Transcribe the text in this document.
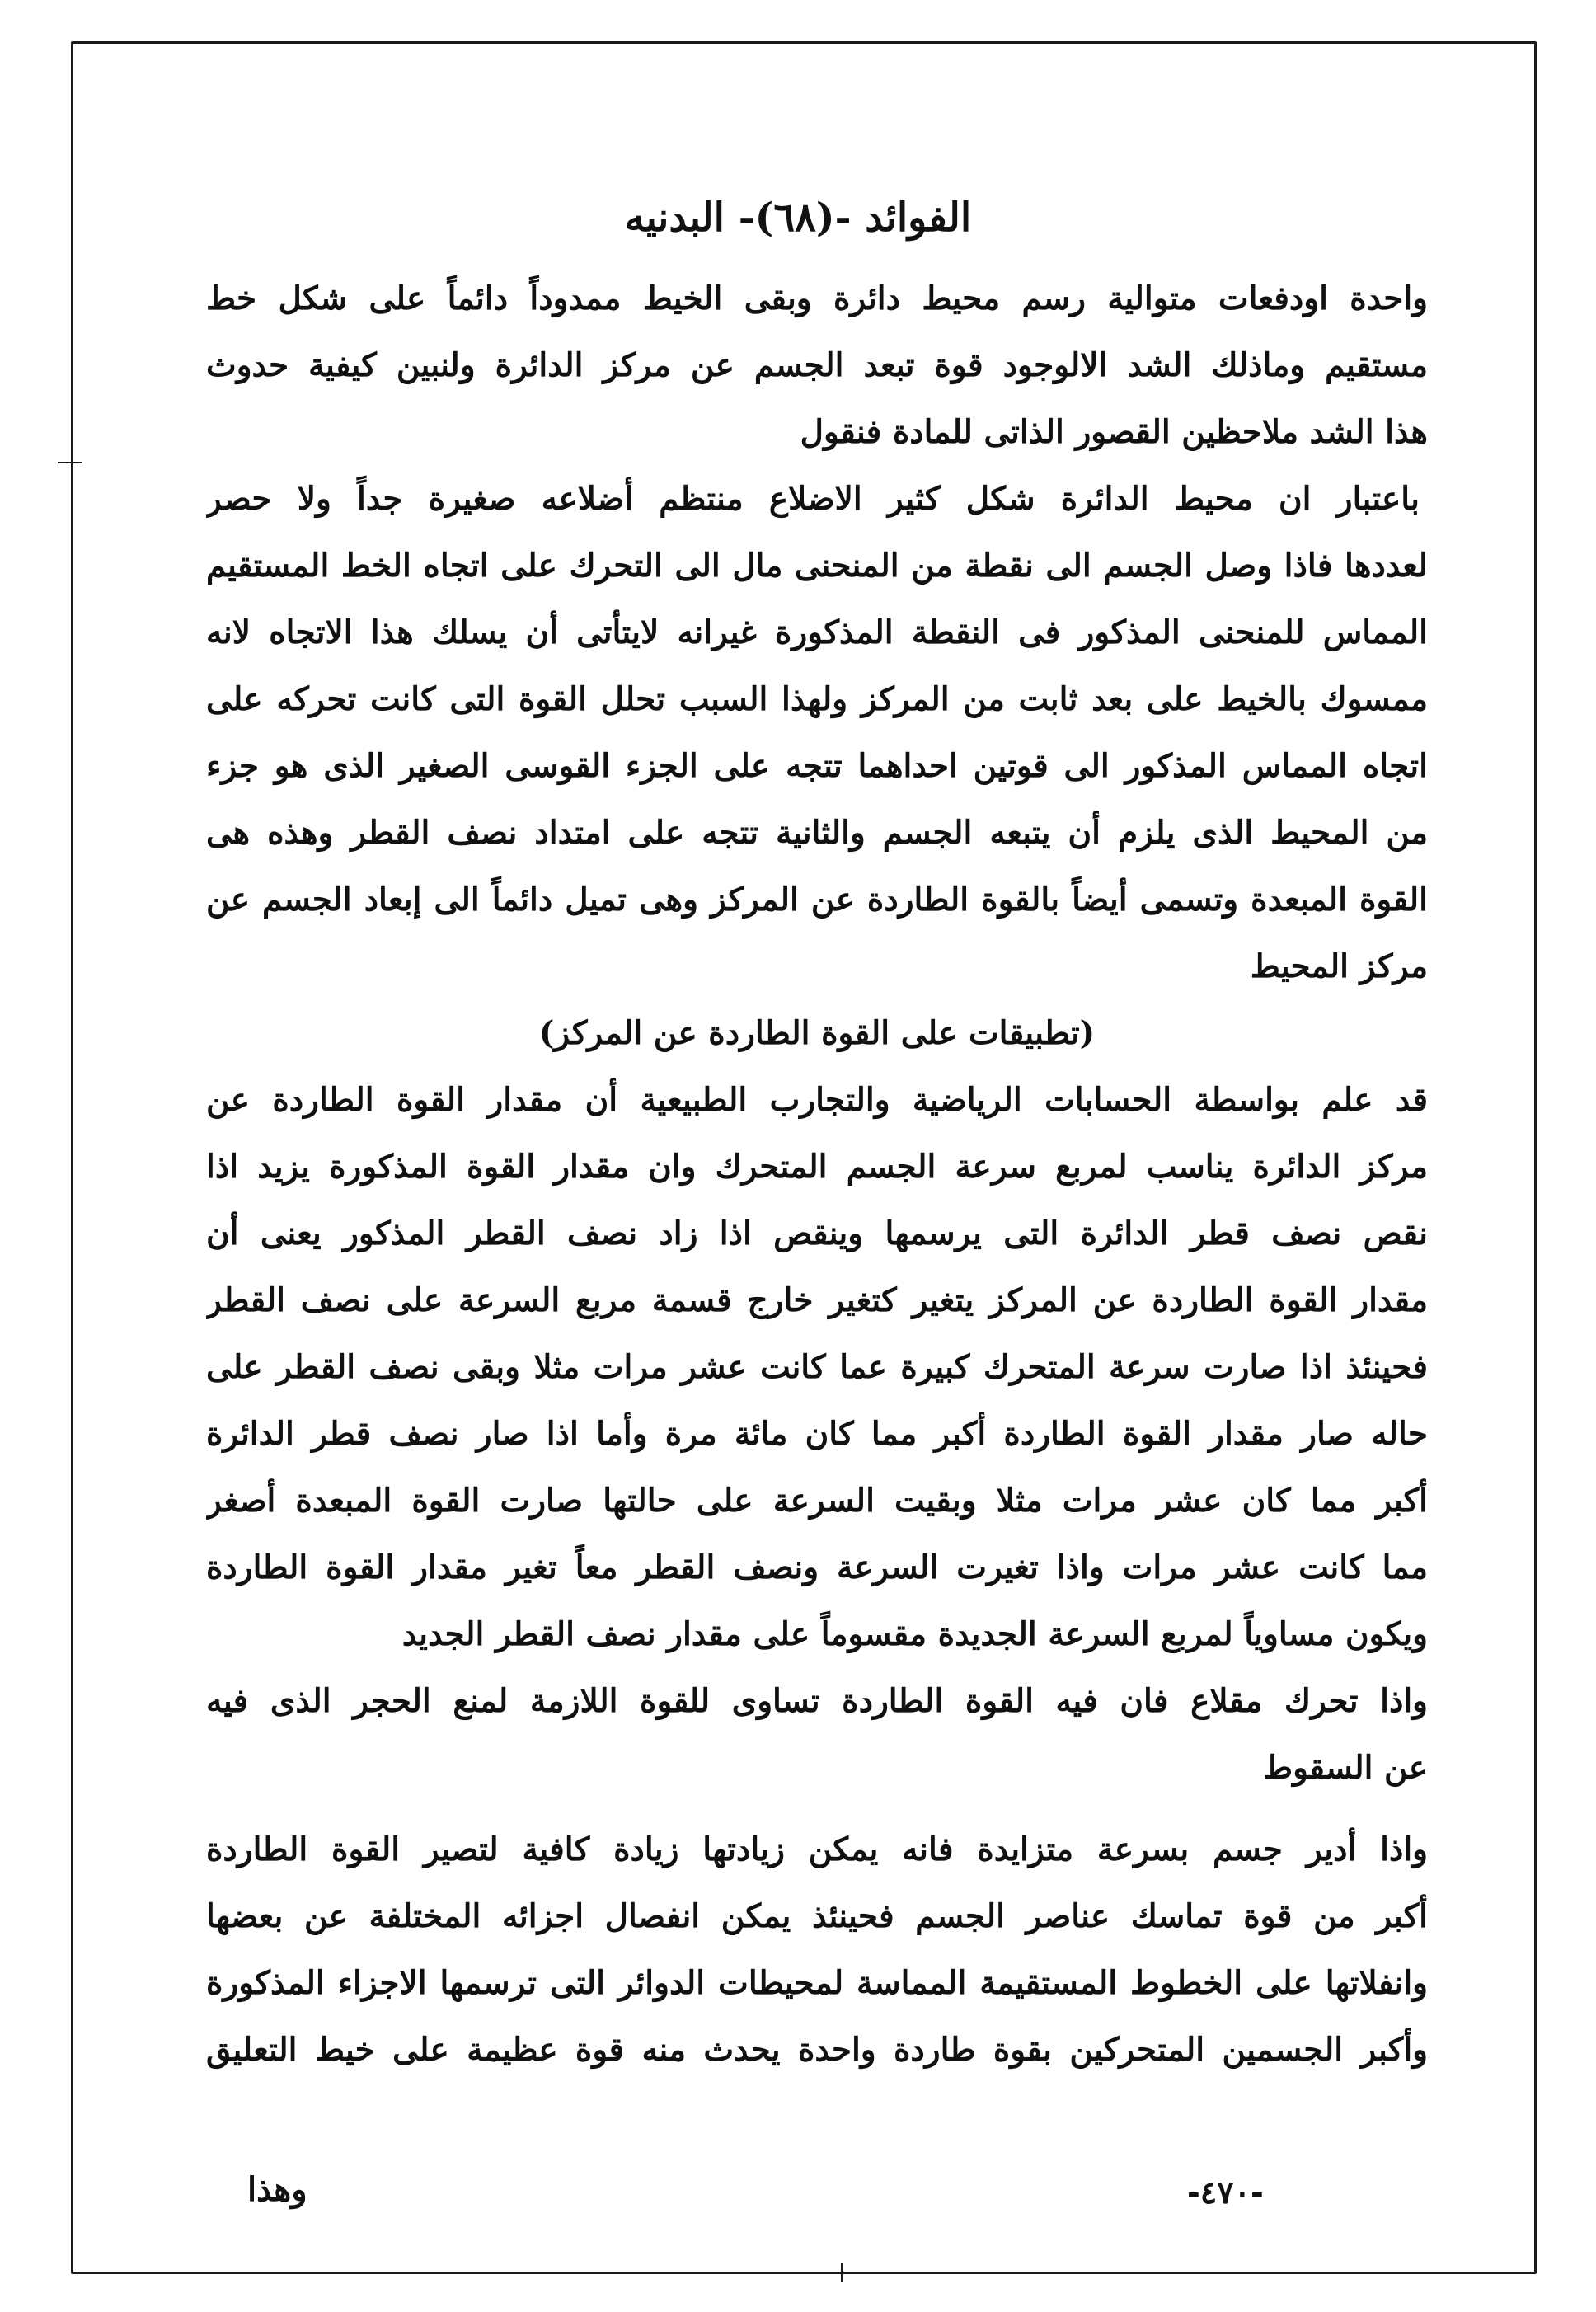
الفوائد -(٦٨)- البدنيه
واحدة اودفعات متوالية رسم محيط دائرة وبقى الخيط ممدوداً دائماً على شكل خط
مستقيم وماذلك الشد الالوجود قوة تبعد الجسم عن مركز الدائرة ولنبين كيفية حدوث
هذا الشد ملاحظين القصور الذاتى للمادة فنقول
باعتبار ان محيط الدائرة شكل كثير الاضلاع منتظم أضلاعه صغيرة جداً ولا حصر
لعددها فاذا وصل الجسم الى نقطة من المنحنى مال الى التحرك على اتجاه الخط المستقيم
المماس للمنحنى المذكور فى النقطة المذكورة غيرانه لايتأتى أن يسلك هذا الاتجاه لانه
ممسوك بالخيط على بعد ثابت من المركز ولهذا السبب تحلل القوة التى كانت تحركه على
اتجاه المماس المذكور الى قوتين احداهما تتجه على الجزء القوسى الصغير الذى هو جزء
من المحيط الذى يلزم أن يتبعه الجسم والثانية تتجه على امتداد نصف القطر وهذه هى
القوة المبعدة وتسمى أيضاً بالقوة الطاردة عن المركز وهى تميل دائماً الى إبعاد الجسم عن
مركز المحيط
(تطبيقات على القوة الطاردة عن المركز)
قد علم بواسطة الحسابات الرياضية والتجارب الطبيعية أن مقدار القوة الطاردة عن
مركز الدائرة يناسب لمربع سرعة الجسم المتحرك وان مقدار القوة المذكورة يزيد اذا
نقص نصف قطر الدائرة التى يرسمها وينقص اذا زاد نصف القطر المذكور يعنى أن
مقدار القوة الطاردة عن المركز يتغير كتغير خارج قسمة مربع السرعة على نصف القطر
فحينئذ اذا صارت سرعة المتحرك كبيرة عما كانت عشر مرات مثلا وبقى نصف القطر على
حاله صار مقدار القوة الطاردة أكبر مما كان مائة مرة وأما اذا صار نصف قطر الدائرة
أكبر مما كان عشر مرات مثلا وبقيت السرعة على حالتها صارت القوة المبعدة أصغر
مما كانت عشر مرات واذا تغيرت السرعة ونصف القطر معاً تغير مقدار القوة الطاردة
ويكون مساوياً لمربع السرعة الجديدة مقسوماً على مقدار نصف القطر الجديد
واذا تحرك مقلاع فان فيه القوة الطاردة تساوى للقوة اللازمة لمنع الحجر الذى فيه
عن السقوط
واذا أدير جسم بسرعة متزايدة فانه يمكن زيادتها زيادة كافية لتصير القوة الطاردة
أكبر من قوة تماسك عناصر الجسم فحينئذ يمكن انفصال اجزائه المختلفة عن بعضها
وانفلاتها على الخطوط المستقيمة المماسة لمحيطات الدوائر التى ترسمها الاجزاء المذكورة
وأكبر الجسمين المتحركين بقوة طاردة واحدة يحدث منه قوة عظيمة على خيط التعليق
وهذا	-٤٧٠-
